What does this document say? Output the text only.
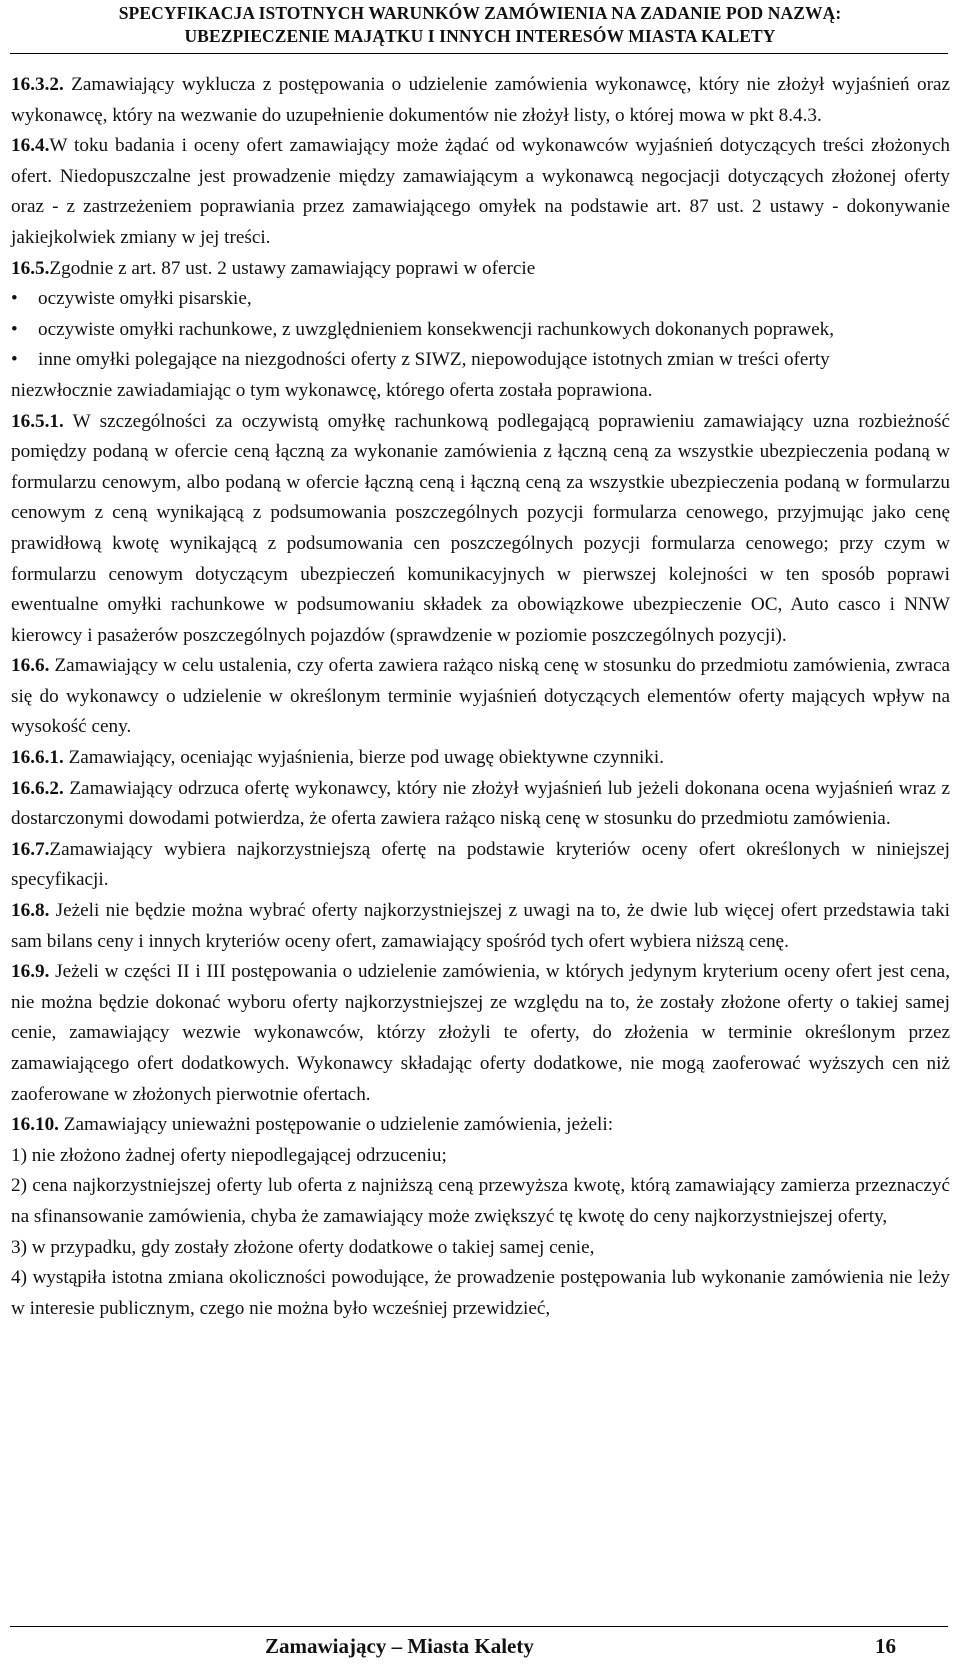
SPECYFIKACJA ISTOTNYCH WARUNKÓW ZAMÓWIENIA NA ZADANIE POD NAZWĄ:
UBEZPIECZENIE MAJĄTKU I INNYCH INTERESÓW MIASTA KALETY

16.3.2. Zamawiający wyklucza z postępowania o udzielenie zamówienia wykonawcę, który nie złożył wyjaśnień oraz wykonawcę, który na wezwanie do uzupełnienie dokumentów nie złożył listy, o której mowa w pkt 8.4.3.

16.4.W toku badania i oceny ofert zamawiający może żądać od wykonawców wyjaśnień dotyczących treści złożonych ofert. Niedopuszczalne jest prowadzenie między zamawiającym a wykonawcą negocjacji dotyczących złożonej oferty oraz - z zastrzeżeniem poprawiania przez zamawiającego omyłek na podstawie art. 87 ust. 2 ustawy - dokonywanie jakiejkolwiek zmiany w jej treści.

16.5.Zgodnie z art. 87 ust. 2 ustawy zamawiający poprawi w ofercie

•	oczywiste omyłki pisarskie,
•	oczywiste omyłki rachunkowe, z uwzględnieniem konsekwencji rachunkowych dokonanych poprawek,
•	inne omyłki polegające na niezgodności oferty z SIWZ, niepowodujące istotnych zmian w treści oferty

niezwłocznie zawiadamiając o tym wykonawcę, którego oferta została poprawiona.

16.5.1. W szczególności za oczywistą omyłkę rachunkową podlegającą poprawieniu zamawiający uzna rozbieżność pomiędzy podaną w ofercie ceną łączną za wykonanie zamówienia z łączną ceną za wszystkie ubezpieczenia podaną w formularzu cenowym, albo podaną w ofercie łączną ceną i łączną ceną za wszystkie ubezpieczenia podaną w formularzu cenowym z ceną wynikającą z podsumowania poszczególnych pozycji formularza cenowego, przyjmując jako cenę prawidłową kwotę wynikającą z podsumowania cen poszczególnych pozycji formularza cenowego; przy czym w formularzu cenowym dotyczącym ubezpieczeń komunikacyjnych w pierwszej kolejności w ten sposób poprawi ewentualne omyłki rachunkowe w podsumowaniu składek za obowiązkowe ubezpieczenie OC, Auto casco i NNW kierowcy i pasażerów poszczególnych pojazdów (sprawdzenie w poziomie poszczególnych pozycji).

16.6. Zamawiający w celu ustalenia, czy oferta zawiera rażąco niską cenę w stosunku do przedmiotu zamówienia, zwraca się do wykonawcy o udzielenie w określonym terminie wyjaśnień dotyczących elementów oferty mających wpływ na wysokość ceny.

16.6.1. Zamawiający, oceniając wyjaśnienia, bierze pod uwagę obiektywne czynniki.

16.6.2. Zamawiający odrzuca ofertę wykonawcy, który nie złożył wyjaśnień lub jeżeli dokonana ocena wyjaśnień wraz z dostarczonymi dowodami potwierdza, że oferta zawiera rażąco niską cenę w stosunku do przedmiotu zamówienia.

16.7.Zamawiający wybiera najkorzystniejszą ofertę na podstawie kryteriów oceny ofert określonych w niniejszej specyfikacji.

16.8. Jeżeli nie będzie można wybrać oferty najkorzystniejszej z uwagi na to, że dwie lub więcej ofert przedstawia taki sam bilans ceny i innych kryteriów oceny ofert, zamawiający spośród tych ofert wybiera niższą cenę.

16.9. Jeżeli w części II i III postępowania o udzielenie zamówienia, w których jedynym kryterium oceny ofert jest cena, nie można będzie dokonać wyboru oferty najkorzystniejszej ze względu na to, że zostały złożone oferty o takiej samej cenie, zamawiający wezwie wykonawców, którzy złożyli te oferty, do złożenia w terminie określonym przez zamawiającego ofert dodatkowych. Wykonawcy składając oferty dodatkowe, nie mogą zaoferować wyższych cen niż zaoferowane w złożonych pierwotnie ofertach.

16.10. Zamawiający unieważni postępowanie o udzielenie zamówienia, jeżeli:

1) nie złożono żadnej oferty niepodlegającej odrzuceniu;

2) cena najkorzystniejszej oferty lub oferta z najniższą ceną przewyższa kwotę, którą zamawiający zamierza przeznaczyć na sfinansowanie zamówienia, chyba że zamawiający może zwiększyć tę kwotę do ceny najkorzystniejszej oferty,

3) w przypadku, gdy zostały złożone oferty dodatkowe o takiej samej cenie,

4) wystąpiła istotna zmiana okoliczności powodujące, że prowadzenie postępowania lub wykonanie zamówienia nie leży w interesie publicznym, czego nie można było wcześniej przewidzieć,

Zamawiający – Miasta Kalety	16
